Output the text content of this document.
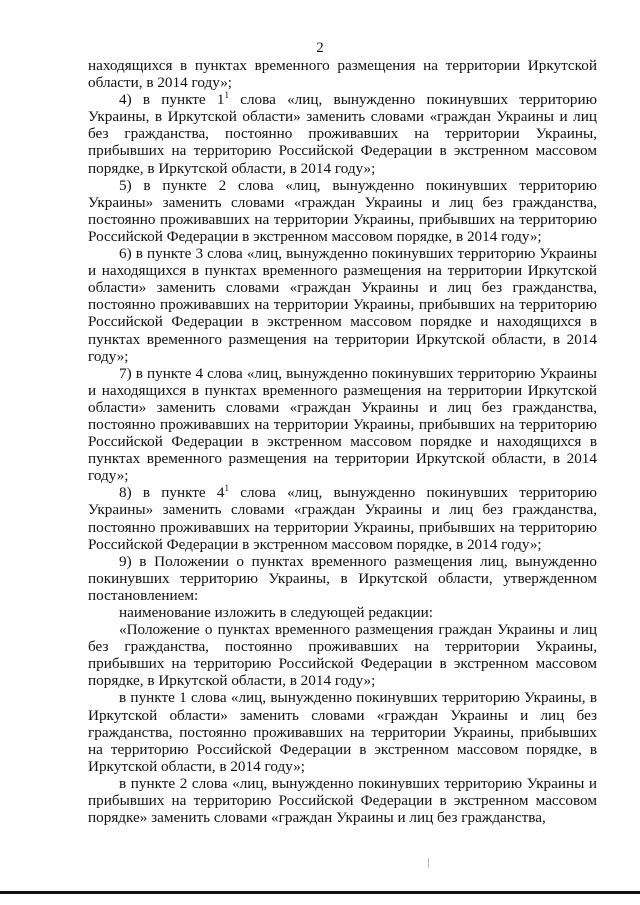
2

находящихся в пунктах временного размещения на территории Иркутской области, в 2014 году»;

4) в пункте $1^1$ слова «лиц, вынужденно покинувших территорию Украины, в Иркутской области» заменить словами «граждан Украины и лиц без гражданства, постоянно проживавших на территории Украины, прибывших на территорию Российской Федерации в экстренном массовом порядке, в Иркутской области, в 2014 году»;

5) в пункте 2 слова «лиц, вынужденно покинувших территорию Украины» заменить словами «граждан Украины и лиц без гражданства, постоянно проживавших на территории Украины, прибывших на территорию Российской Федерации в экстренном массовом порядке, в 2014 году»;

6) в пункте 3 слова «лиц, вынужденно покинувших территорию Украины и находящихся в пунктах временного размещения на территории Иркутской области» заменить словами «граждан Украины и лиц без гражданства, постоянно проживавших на территории Украины, прибывших на территорию Российской Федерации в экстренном массовом порядке и находящихся в пунктах временного размещения на территории Иркутской области, в 2014 году»;

7) в пункте 4 слова «лиц, вынужденно покинувших территорию Украины и находящихся в пунктах временного размещения на территории Иркутской области» заменить словами «граждан Украины и лиц без гражданства, постоянно проживавших на территории Украины, прибывших на территорию Российской Федерации в экстренном массовом порядке и находящихся в пунктах временного размещения на территории Иркутской области, в 2014 году»;

8) в пункте $4^1$ слова «лиц, вынужденно покинувших территорию Украины» заменить словами «граждан Украины и лиц без гражданства, постоянно проживавших на территории Украины, прибывших на территорию Российской Федерации в экстренном массовом порядке, в 2014 году»;

9) в Положении о пунктах временного размещения лиц, вынужденно покинувших территорию Украины, в Иркутской области, утвержденном постановлением:

наименование изложить в следующей редакции:

«Положение о пунктах временного размещения граждан Украины и лиц без гражданства, постоянно проживавших на территории Украины, прибывших на территорию Российской Федерации в экстренном массовом порядке, в Иркутской области, в 2014 году»;

в пункте 1 слова «лиц, вынужденно покинувших территорию Украины, в Иркутской области» заменить словами «граждан Украины и лиц без гражданства, постоянно проживавших на территории Украины, прибывших на территорию Российской Федерации в экстренном массовом порядке, в Иркутской области, в 2014 году»;

в пункте 2 слова «лиц, вынужденно покинувших территорию Украины и прибывших на территорию Российской Федерации в экстренном массовом порядке» заменить словами «граждан Украины и лиц без гражданства,
